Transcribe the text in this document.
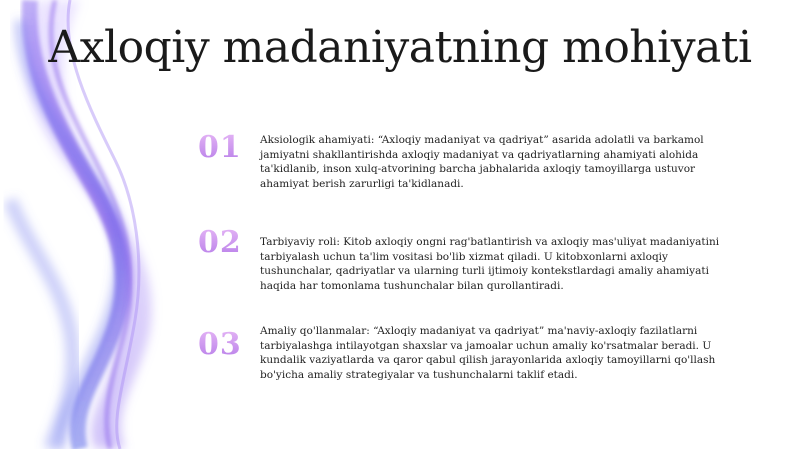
Axloqiy madaniyatning mohiyati
01	Aksiologik ahamiyati: “Axloqiy madaniyat va qadriyat” asarida adolatli va barkamol jamiyatni shakllantirishda axloqiy madaniyat va qadriyatlarning ahamiyati alohida ta'kidlanib, inson xulq-atvorining barcha jabhalarida axloqiy tamoyillarga ustuvor ahamiyat berish zarurligi ta'kidlanadi.
02	Tarbiyaviy roli: Kitob axloqiy ongni rag'batlantirish va axloqiy mas'uliyat madaniyatini tarbiyalash uchun ta'lim vositasi bo'lib xizmat qiladi. U kitobxonlarni axloqiy tushunchalar, qadriyatlar va ularning turli ijtimoiy kontekstlardagi amaliy ahamiyati haqida har tomonlama tushunchalar bilan qurollantiradi.
03	Amaliy qo'llanmalar: “Axloqiy madaniyat va qadriyat” ma'naviy-axloqiy fazilatlarni tarbiyalashga intilayotgan shaxslar va jamoalar uchun amaliy ko'rsatmalar beradi. U kundalik vaziyatlarda va qaror qabul qilish jarayonlarida axloqiy tamoyillarni qo'llash bo'yicha amaliy strategiyalar va tushunchalarni taklif etadi.
